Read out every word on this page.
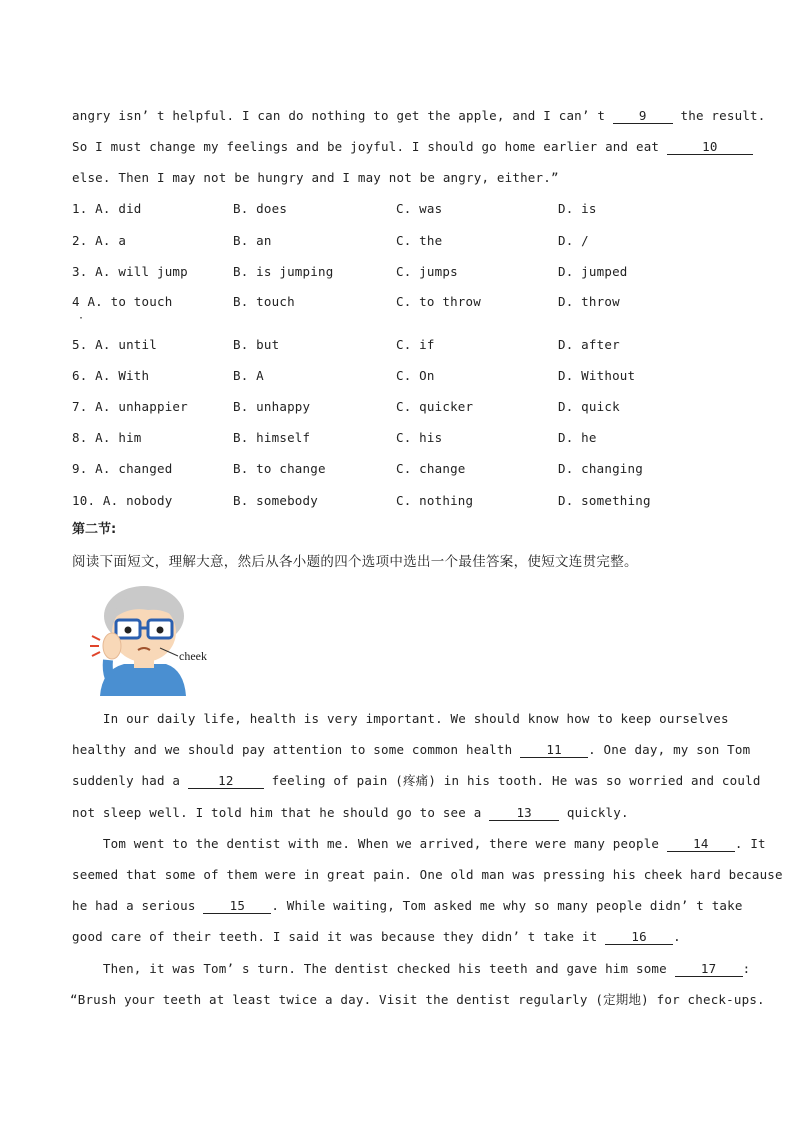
angry isn’ t helpful. I can do nothing to get the apple, and I can’ t 9 the result.
So I must change my feelings and be joyful. I should go home earlier and eat	10
else. Then I may not be hungry and I may not be angry, either.”
1. A. did	B. does	C. was	D. is
2. A. a	B. an	C. the	D. /
3. A. will jump	B. is jumping	C. jumps	D. jumped
4 A. to touch	B. touch	C. to throw	D. throw
·
5. A. until	B. but	C. if	D. after
6. A. With	B. A	C. On	D. Without
7. A. unhappier	B. unhappy	C. quicker	D. quick
8. A. him	B. himself	C. his	D. he
9. A. changed	B. to change	C. change	D. changing
10. A. nobody	B. somebody	C. nothing	D. something
第二节:
阅读下面短文，理解大意，然后从各小题的四个选项中选出一个最佳答案，使短文连贯完整。
cheek
In our daily life, health is very important. We should know how to keep ourselves
healthy and we should pay attention to some common health 11 . One day, my son Tom
suddenly had a 12 feeling of pain (疼痛) in his tooth. He was so worried and could
not sleep well. I told him that he should go to see a 13 quickly.
Tom went to the dentist with me. When we arrived, there were many people 14 . It
seemed that some of them were in great pain. One old man was pressing his cheek hard because
he had a serious 15 . While waiting, Tom asked me why so many people didn’ t take
good care of their teeth. I said it was because they didn’ t take it 16 .
Then, it was Tom’ s turn. The dentist checked his teeth and gave him some 17 :
“Brush your teeth at least twice a day. Visit the dentist regularly (定期地) for check-ups.
